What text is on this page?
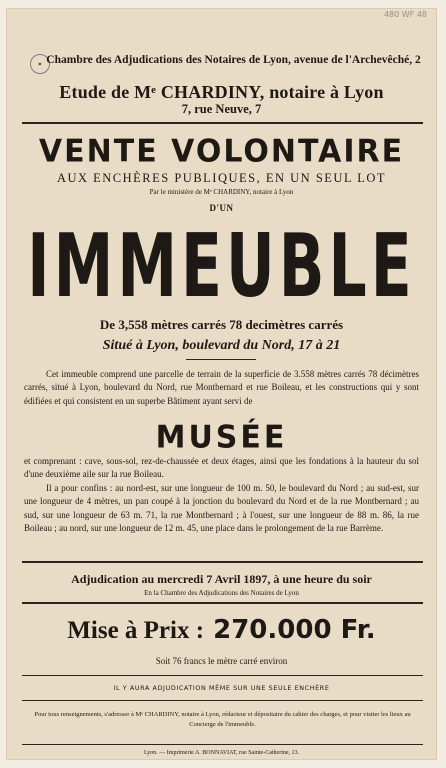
480 WF 48
● Chambre des Adjudications des Notaires de Lyon, avenue de l'Archevêché, 2
Etude de Mᵉ CHARDINY, notaire à Lyon
7, rue Neuve, 7
VENTE VOLONTAIRE
AUX ENCHÈRES PUBLIQUES, EN UN SEUL LOT
Par le ministère de Mᵉ CHARDINY, notaire à Lyon
D'UN
IMMEUBLE
De 3,558 mètres carrés 78 decimètres carrés
Situé à Lyon, boulevard du Nord, 17 à 21
Cet immeuble comprend une parcelle de terrain de la superficie de 3.558 mètres carrés 78 décimètres carrés, situé à Lyon, boulevard du Nord, rue Montbernard et rue Boileau, et les constructions qui y sont édifiées et qui consistent en un superbe Bâtiment ayant servi de
MUSÉE
et comprenant : cave, sous-sol, rez-de-chaussée et deux étages, ainsi que les fondations à la hauteur du sol d'une deuxième aile sur la rue Boileau.
Il a pour confins : au nord-est, sur une longueur de 100 m. 50, le boulevard du Nord ; au sud-est, sur une longueur de 4 mètres, un pan coupé à la jonction du boulevard du Nord et de la rue Montbernard ; au sud, sur une longueur de 63 m. 71, la rue Montbernard ; à l'ouest, sur une longueur de 88 m. 86, la rue Boileau ; au nord, sur une longueur de 12 m. 45, une place dans le prolongement de la rue Barrème.
Adjudication au mercredi 7 Avril 1897, à une heure du soir
En la Chambre des Adjudications des Notaires de Lyon
Mise à Prix : 270.000 Fr.
Soit 76 francs le mètre carré environ
IL Y AURA ADJUDICATION MÊME SUR UNE SEULE ENCHÈRE
Pour tous renseignements, s'adresser à Mᵉ CHARDINY, notaire à Lyon, rédacteur et dépositaire du cahier des charges, et pour visiter les lieux au Concierge de l'immeuble.
Lyon. — Imprimerie A. BONNAVIAT, rue Sainte-Catherine, 13.
